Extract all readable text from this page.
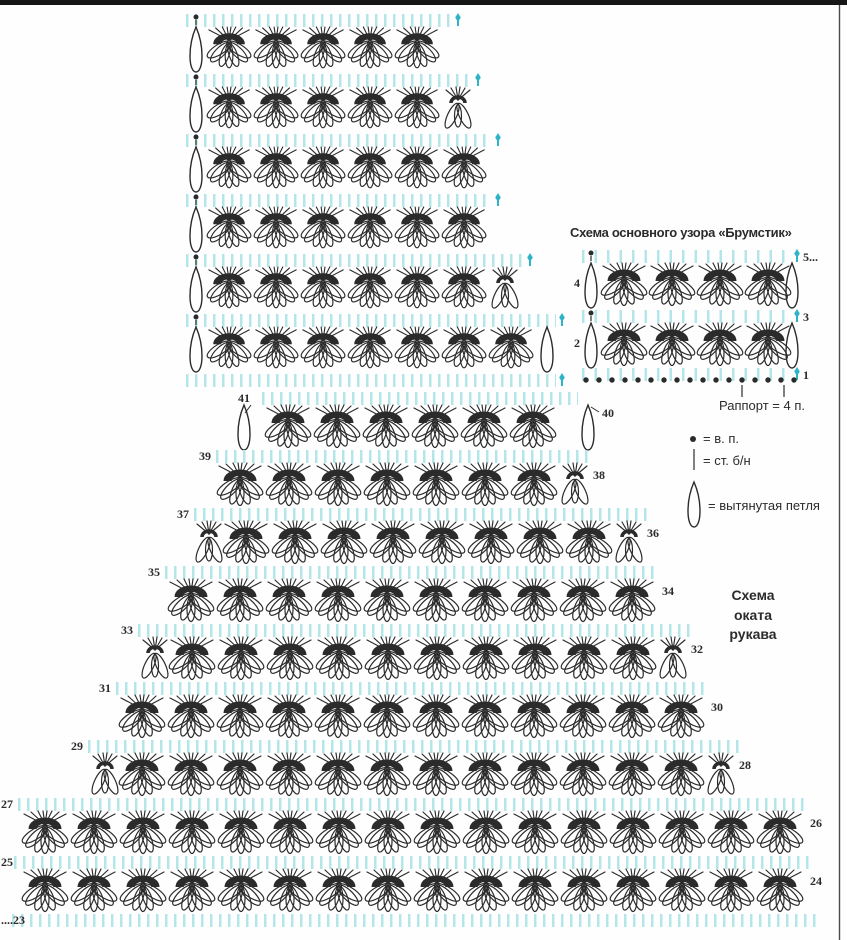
4
2
5...
3
1
41
40
39
38
37
36
35
34
33
32
31
30
29
28
27
26
25
24
....23
Схема основного узора «Брумстик»
Раппорт = 4 п.
= в. п.
= ст. б/н
= вытянутая петля
Схема
оката
рукава
